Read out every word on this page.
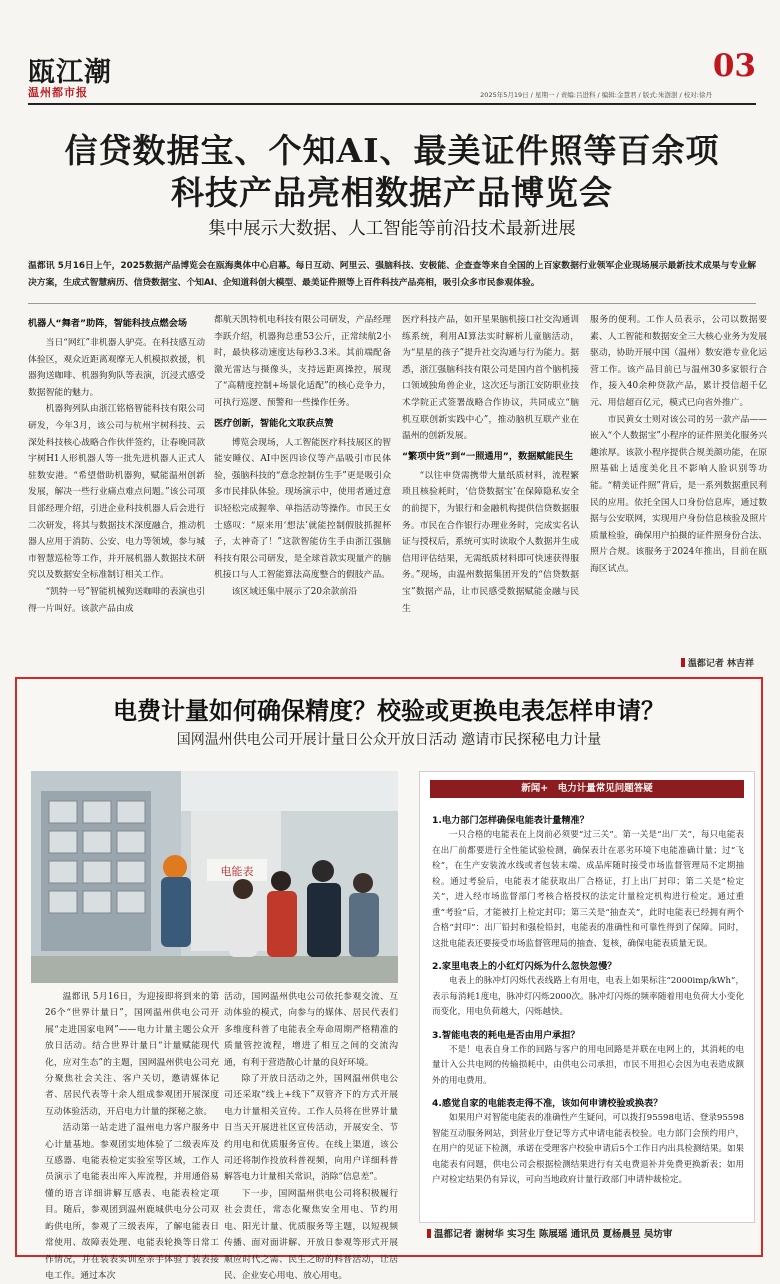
瓯江潮
温州都市报	2025年5月19日 / 星期一 / 责编:吕进科 / 编辑:金慧君 / 版式:朱澍澍 / 校对:徐丹
03
信贷数据宝、个知AI、最美证件照等百余项
科技产品亮相数据产品博览会
集中展示大数据、人工智能等前沿技术最新进展
温都讯 5月16日上午，2025数据产品博览会在瓯海奥体中心启幕。每日互动、阿里云、强脑科技、安极能、企查查等来自全国的上百家数据行业领军企业现场展示最新技术成果与专业解决方案，生成式智慧病历、信贷数据宝、个知AI、企知道科创大模型、最美证件照等上百件科技产品亮相，吸引众多市民参观体验。
机器人“舞者”助阵，智能科技点燃会场

当日“网红”非机器人驴亮。在科技感互动体验区，观众近距离观摩无人机模拟救援，机器狗送咖啡、机器狗狗队等表演，沉浸式感受数据智能的魅力。

机器狗列队由浙江铭格智能科技有限公司研发，今年3月，该公司与杭州宇树科技、云深处科技核心战略合作伙伴签约，让春晚同款宇树H1人形机器人等一批先进机器人正式人驻数安港。“希望借助机器狗，赋能温州创新发展，解决一些行业痛点难点问题。”该公司项目部经理介绍，引进企业科技机器人后会进行二次研发，将其与数据技术深度融合，推动机器人应用于消防、公安、电力等领域，参与城市智慧巡检等工作，并开展机器人数据技术研究以及数据安全标准制订相关工作。

“凯特一号”智能机械狗送咖啡的表演也引得一片叫好。该款产品由成

都航天凯特机电科技有限公司研发，产品经理李跃介绍，机器狗总重53公斤，正常续航2小时，最快移动速度达每秒3.3米。其前端配备激光雷达与摄像头，支持远距离操控，展现了“高精度控制+场景化适配”的核心竞争力，可执行巡逻、预警和一些操作任务。

医疗创新，智能化文取获点赞

博览会现场，人工智能医疗科技展区的智能安睡仪、AI中医四诊仪等产品吸引市民体验，强脑科技的“意念控制仿生手”更是吸引众多市民排队体验。现场演示中，使用者通过意识轻松完成握拳、单指活动等操作。市民王女士感叹：“原来用‘想法’就能控制假肢抓握杯子，太神奇了！”这款智能仿生手由浙江强脑科技有限公司研发，是全球首款实现量产的脑机接口与人工智能算法高度整合的假肢产品。

该区域还集中展示了20余款前沿

医疗科技产品，如开星果脑机接口社交沟通训练系统，利用AI算法实时解析儿童脑活动，为“星星的孩子”提升社交沟通与行为能力。据悉，浙江强脑科技有限公司是国内首个脑机接口领域独角兽企业，这次还与浙江安防职业技术学院正式签署战略合作协议，共同成立“脑机互联创新实践中心”，推动脑机互联产业在温州的创新发展。

“繁项中货”到“一照通用”，数据赋能民生

“以往申贷需携带大量纸质材料，流程繁琐且核验耗时，‘信贷数据宝’在保障隐私安全的前提下，为银行和金融机构提供信贷数据服务。市民在合作银行办理业务时，完成实名认证与授权后，系统可实时读取个人数据并生成信用评估结果，无需纸质材料即可快速获得服务。”现场，由温州数据集团开发的“信贷数据宝”数据产品，让市民感受数据赋能金融与民生

服务的便利。工作人员表示，公司以数据要素、人工智能和数据安全三大核心业务为发展驱动，协助开展中国（温州）数安港专业化运营工作。该产品目前已与温州30多家银行合作，接入40余种贷款产品，累计授信超千亿元、用信超百亿元，模式已向省外推广。

市民黄女士则对该公司的另一款产品——嵌入“个人数据宝”小程序的证件照美化服务兴趣浓厚。该款小程序提供合规美颜功能，在原照基础上适度美化且不影响人脸识别等功能。“精美证件照”背后，是一系列数据重民利民的应用。依托全国人口身份信息库，通过数据与公安联网，实现用户身份信息核验及照片质量检验，确保用户拍摄的证件照身份合法、照片合规。该服务于2024年推出，目前在瓯海区试点。

温都记者 林吉祥
电费计量如何确保精度？校验或更换电表怎样申请？
国网温州供电公司开展计量日公众开放日活动 邀请市民探秘电力计量
电能表

温都讯 5月16日，为迎接即将到来的第26个“世界计量日”，国网温州供电公司开展“走进国家电网”——电力计量主题公众开放日活动。结合世界计量日“计量赋能现代化，应对生态”的主题，国网温州供电公司充分聚焦社会关注、客户关切，邀请媒体记者、居民代表等十余人组成参观团开展深度互动体验活动，开启电力计量的探秘之旅。

活动第一站走进了温州电力客户服务中心计量基地。参观团实地体验了二级表库及互感器、电能表检定实验室等区域，工作人员演示了电能表出库入库流程，并用通俗易懂的语言详细讲解互感表、电能表检定项目。随后，参观团到温州鹿城供电分公司双屿供电所，参观了三级表库，了解电能表日常使用、故障表处理、电能表轮换等日常工作情况，并在装表实训室亲手体验了装表接电工作。通过本次

活动，国网温州供电公司依托参观交流、互动体验的模式，向参与的媒体、居民代表们多维度科普了电能表全寿命周期严格精准的质量管控流程，增进了相互之间的交流沟通，有利于营造散心计量的良好环境。

除了开放日活动之外，国网温州供电公司还采取“线上+线下”双管齐下的方式开展电力计量相关宣传。工作人员将在世界计量日当天开展进社区宣传活动，开展安全、节约用电和优质服务宣传。在线上渠道，该公司还将制作投放科普视频，向用户详细科普解答电力计量相关常识，消除“信息差”。

下一步，国网温州供电公司将积极履行社会责任，常态化聚焦安全用电、节约用电、阳光计量、优质服务等主题，以短视频传播、面对面讲解、开放日参观等形式开展顺应时代之需、民生之盼的科普活动，让居民、企业安心用电、放心用电。

新闻+　电力计量常见问题答疑
1.电力部门怎样确保电能表计量精准？

一只合格的电能表在上岗前必须要“过三关”。第一关是“出厂关”，每只电能表在出厂前都要进行全性能试验检测，确保表计在恶劣环境下电能准确计量；过“飞检”，在生产安装流水线或者包装末端、成品库随时接受市场监督管理局不定期抽检。通过考验后，电能表才能获取出厂合格证，打上出厂封印；第二关是“检定关”，进入经市场监督部门考核合格授权的法定计量检定机构进行检定。通过重重“考验”后，才能被打上检定封印；第三关是“抽查关”，此时电能表已经拥有两个合格“封印”：出厂铅封和强检铅封，电能表的准确性和可靠性得到了保障。同时，这批电能表还要接受市场监督管理局的抽查、复核，确保电能表质量无误。

2.家里电表上的小红灯闪烁为什么忽快忽慢？

电表上的脉冲灯闪烁代表线路上有用电，电表上如果标注“2000imp/kWh”，表示每消耗1度电，脉冲灯闪烁2000次。脉冲灯闪烁的频率随着用电负荷大小变化而变化，用电负荷越大，闪烁越快。

3.智能电表的耗电是否由用户承担？

不是！电表自身工作的回路与客户的用电回路是并联在电网上的，其消耗的电量计入公共电网的传输损耗中，由供电公司承担，市民不用担心会因为电表造成额外的用电费用。

4.感觉自家的电能表走得不准，该如何申请校验或换表？

如果用户对智能电能表的准确性产生疑问，可以拨打95598电话、登录95598智能互动服务网站，到营业厅登记等方式申请电能表校验。电力部门会预约用户，在用户的见证下检测，承诺在受理客户校验申请后5个工作日内出具检测结果。如果电能表有问题，供电公司会根据检测结果进行有关电费退补并免费更换新表；如用户对检定结果仍有异议，可向当地政府计量行政部门申请仲裁检定。

温都记者 谢树华 实习生 陈展瑶 通讯员 夏杨晨昱 吴坊审
